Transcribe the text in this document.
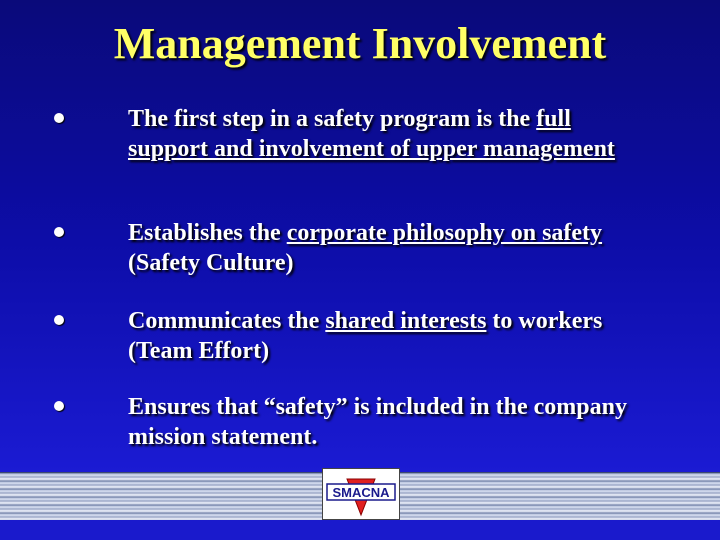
Management Involvement
The first step in a safety program is the full support and involvement of upper management
Establishes the corporate philosophy on safety (Safety Culture)
Communicates the shared interests to workers (Team Effort)
Ensures that “safety” is included in the company mission statement.
SMACNA
